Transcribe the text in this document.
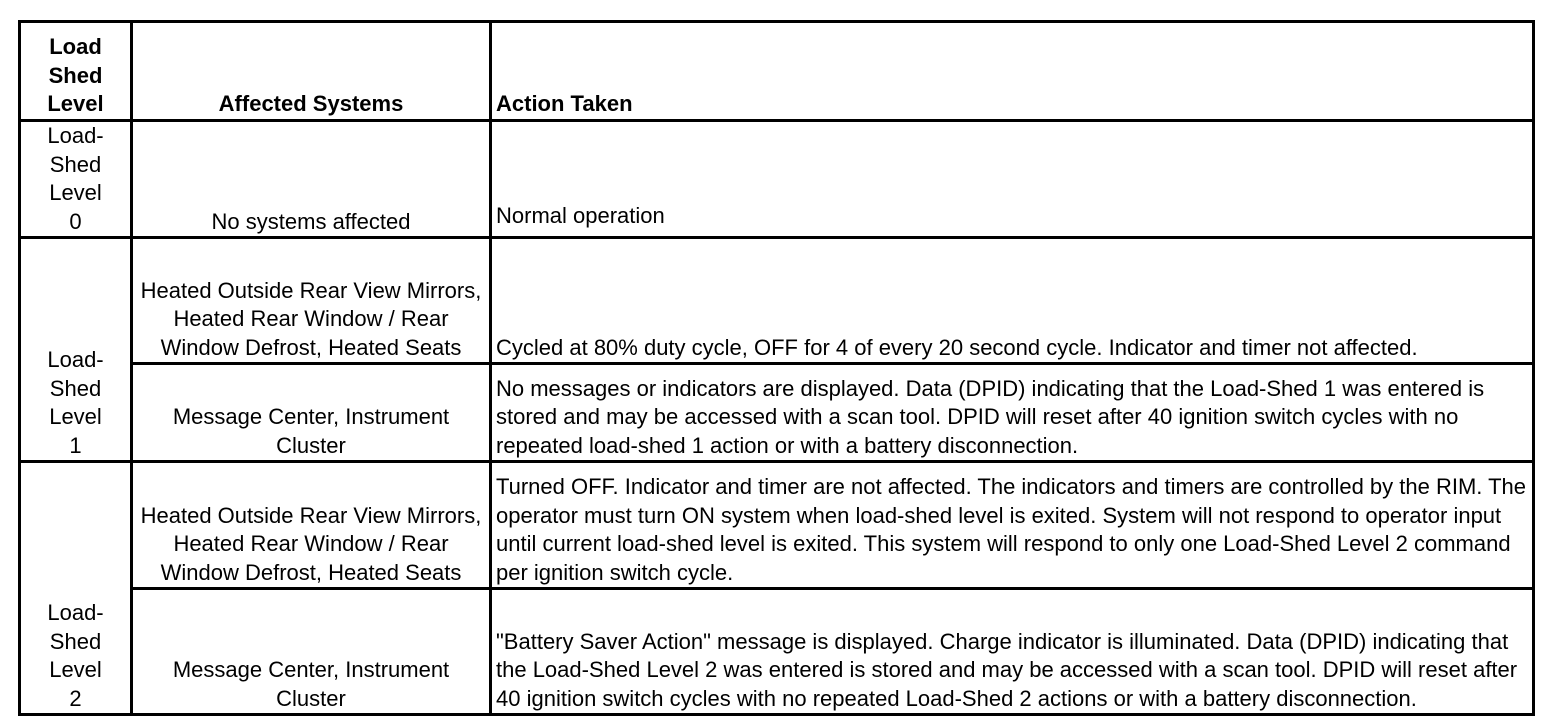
Load Shed Level	Affected Systems	Action Taken

Load-Shed Level 0	No systems affected	Normal operation

Load-Shed Level 1	Heated Outside Rear View Mirrors, Heated Rear Window / Rear Window Defrost, Heated Seats	Cycled at 80% duty cycle, OFF for 4 of every 20 second cycle. Indicator and timer not affected.
	Message Center, Instrument Cluster	No messages or indicators are displayed. Data (DPID) indicating that the Load-Shed 1 was entered is stored and may be accessed with a scan tool. DPID will reset after 40 ignition switch cycles with no repeated load-shed 1 action or with a battery disconnection.

Load-Shed Level 2	Heated Outside Rear View Mirrors, Heated Rear Window / Rear Window Defrost, Heated Seats	Turned OFF. Indicator and timer are not affected. The indicators and timers are controlled by the RIM. The operator must turn ON system when load-shed level is exited. System will not respond to operator input until current load-shed level is exited. This system will respond to only one Load-Shed Level 2 command per ignition switch cycle.
	Message Center, Instrument Cluster	"Battery Saver Action" message is displayed. Charge indicator is illuminated. Data (DPID) indicating that the Load-Shed Level 2 was entered is stored and may be accessed with a scan tool. DPID will reset after 40 ignition switch cycles with no repeated Load-Shed 2 actions or with a battery disconnection.
